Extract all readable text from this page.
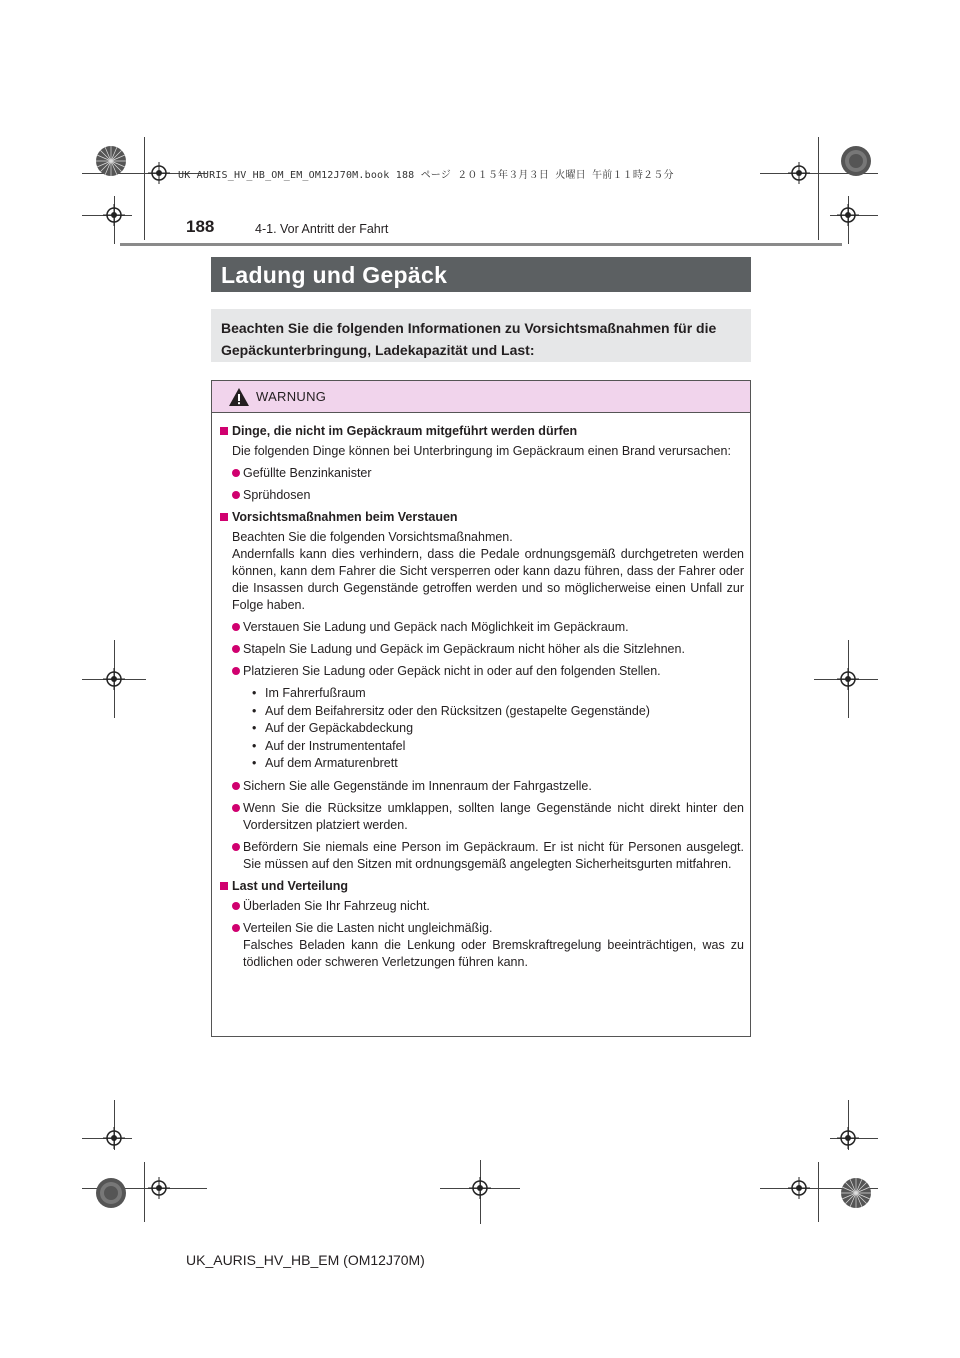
UK AURIS_HV_HB_OM_EM_OM12J70M.book 188 ページ ２０１５年３月３日 火曜日 午前１１時２５分
188	4-1. Vor Antritt der Fahrt
Ladung und Gepäck
Beachten Sie die folgenden Informationen zu Vorsichtsmaßnahmen für die Gepäckunterbringung, Ladekapazität und Last:
WARNUNG
Dinge, die nicht im Gepäckraum mitgeführt werden dürfen
Die folgenden Dinge können bei Unterbringung im Gepäckraum einen Brand verursachen:
Gefüllte Benzinkanister
Sprühdosen
Vorsichtsmaßnahmen beim Verstauen
Beachten Sie die folgenden Vorsichtsmaßnahmen.
Andernfalls kann dies verhindern, dass die Pedale ordnungsgemäß durchgetreten werden können, kann dem Fahrer die Sicht versperren oder kann dazu führen, dass der Fahrer oder die Insassen durch Gegenstände getroffen werden und so möglicherweise einen Unfall zur Folge haben.
Verstauen Sie Ladung und Gepäck nach Möglichkeit im Gepäckraum.
Stapeln Sie Ladung und Gepäck im Gepäckraum nicht höher als die Sitzlehnen.
Platzieren Sie Ladung oder Gepäck nicht in oder auf den folgenden Stellen.
• Im Fahrerfußraum
• Auf dem Beifahrersitz oder den Rücksitzen (gestapelte Gegenstände)
• Auf der Gepäckabdeckung
• Auf der Instrumententafel
• Auf dem Armaturenbrett
Sichern Sie alle Gegenstände im Innenraum der Fahrgastzelle.
Wenn Sie die Rücksitze umklappen, sollten lange Gegenstände nicht direkt hinter den Vordersitzen platziert werden.
Befördern Sie niemals eine Person im Gepäckraum. Er ist nicht für Personen ausgelegt. Sie müssen auf den Sitzen mit ordnungsgemäß angelegten Sicherheitsgurten mitfahren.
Last und Verteilung
Überladen Sie Ihr Fahrzeug nicht.
Verteilen Sie die Lasten nicht ungleichmäßig.
Falsches Beladen kann die Lenkung oder Bremskraftregelung beeinträchtigen, was zu tödlichen oder schweren Verletzungen führen kann.
UK_AURIS_HV_HB_EM (OM12J70M)
